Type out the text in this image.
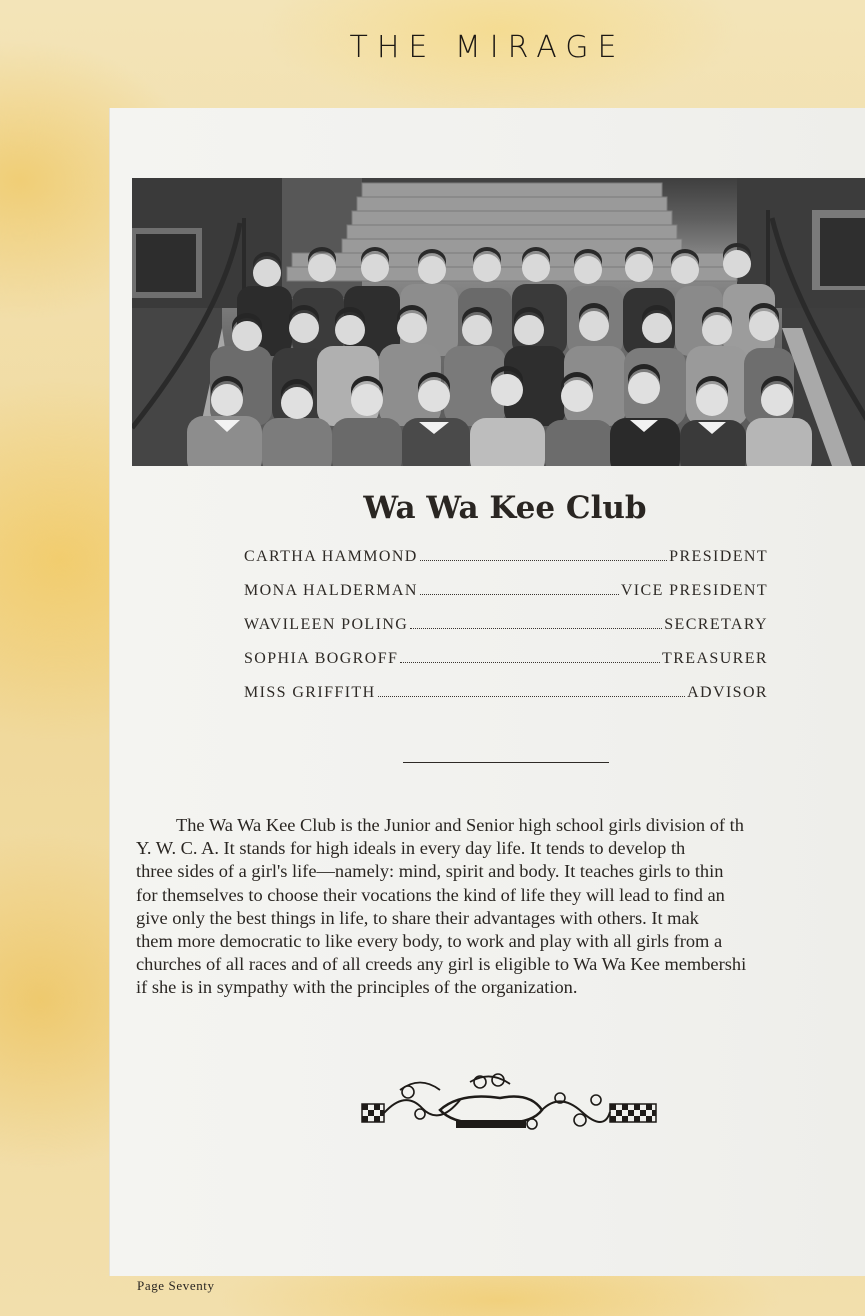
THE MIRAGE
Wa Wa Kee Club
CARTHA HAMMOND	PRESIDENT
MONA HALDERMAN	VICE PRESIDENT
WAVILEEN POLING	SECRETARY
SOPHIA BOGROFF	TREASURER
MISS GRIFFITH	ADVISOR
The Wa Wa Kee Club is the Junior and Senior high school girls division of th
Y. W. C. A. It stands for high ideals in every day life. It tends to develop th
three sides of a girl's life—namely: mind, spirit and body. It teaches girls to thin
for themselves to choose their vocations the kind of life they will lead to find an
give only the best things in life, to share their advantages with others. It mak
them more democratic to like every body, to work and play with all girls from a
churches of all races and of all creeds any girl is eligible to Wa Wa Kee membershi
if she is in sympathy with the principles of the organization.
Page Seventy
